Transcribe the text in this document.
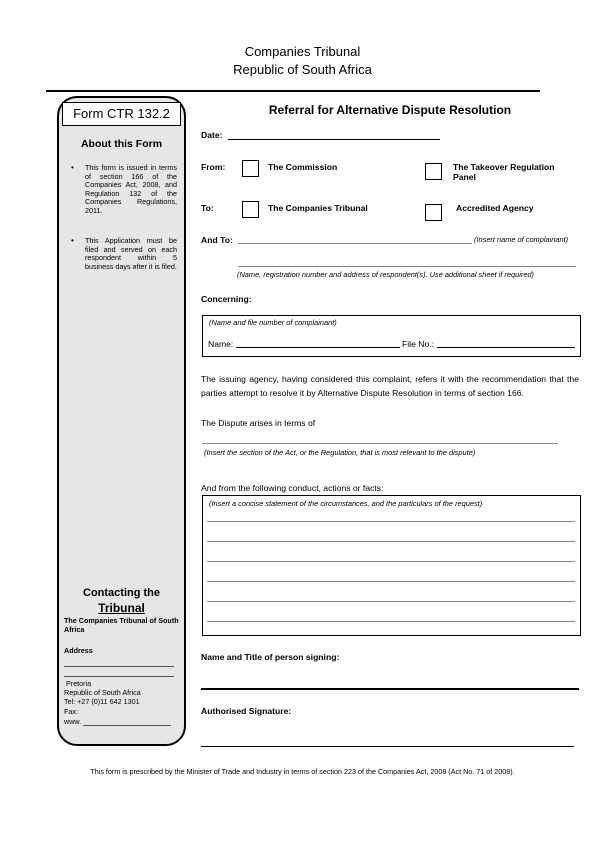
Companies Tribunal
Republic of South Africa
Form CTR 132.2
About this Form
• This form is issued in terms of section 166 of the Companies Act, 2008, and Regulation 132 of the Companies Regulations, 2011.
• This Application must be filed and served on each respondent within 5 business days after it is filed.
Contacting the
Tribunal
The Companies Tribunal of South Africa
Address
Pretoria
Republic of South Africa
Tel: +27 (0)11 642 1301
Fax:
www.
Referral for Alternative Dispute Resolution
Date:
From:	The Commission	The Takeover Regulation Panel
To:	The Companies Tribunal	Accredited Agency
And To:	(Insert name of complainant)
(Name, registration number and address of respondent(s). Use additional sheet if required)
Concerning:
(Name and file number of complainant)
Name:	File No.:
The issuing agency, having considered this complaint, refers it with the recommendation that the parties attempt to resolve it by Alternative Dispute Resolution in terms of section 166.
The Dispute arises in terms of
(Insert the section of the Act, or the Regulation, that is most relevant to the dispute)
And from the following conduct, actions or facts:
(Insert a concise statement of the circumstances, and the particulars of the request)
Name and Title of person signing:
Authorised Signature:
This form is prescribed by the Minister of Trade and Industry in terms of section 223 of the Companies Act, 2008 (Act No. 71 of 2008).
